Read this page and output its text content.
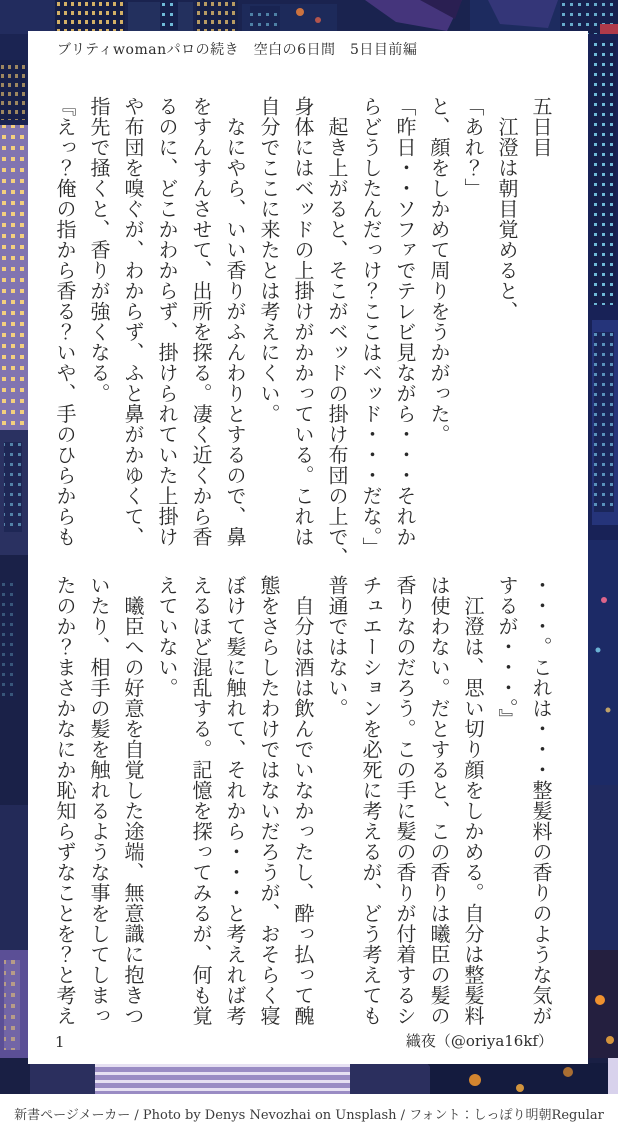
ブリティwomanパロの続き　空白の6日間　5日目前編
五日目
　江澄は朝目覚めると、
「あれ？」
と、顔をしかめて周りをうかがった。
「昨日・・ソファでテレビ見ながら・・・それか
らどうしたんだっけ？ここはベッド・・・だな。」
　起き上がると、そこがベッドの掛け布団の上で、
身体にはベッドの上掛けがかかっている。これは
自分でここに来たとは考えにくい。
　なにやら、いい香りがふんわりとするので、鼻
をすんすんさせて、出所を探る。凄く近くから香
るのに、どこかわからず、掛けられていた上掛け
や布団を嗅ぐが、わからず、ふと鼻がかゆくて、
指先で掻くと、香りが強くなる。
『えっ？俺の指から香る？いや、手のひらからも
・・・。これは・・・整髪料の香りのような気が
するが・・・。』
　江澄は、思い切り顔をしかめる。自分は整髪料
は使わない。だとすると、この香りは曦臣の髪の
香りなのだろう。この手に髪の香りが付着するシ
チュエーションを必死に考えるが、どう考えても
普通ではない。
　自分は酒は飲んでいなかったし、酔っ払って醜
態をさらしたわけではないだろうが、おそらく寝
ぼけて髪に触れて、それから・・・と考えれば考
えるほど混乱する。記憶を探ってみるが、何も覚
えていない。
　曦臣への好意を自覚した途端、無意識に抱きつ
いたり、相手の髪を触れるような事をしてしまっ
たのか？まさかなにか恥知らずなことを？と考え
1	織夜（@oriya16kf）
新書ページメーカー / Photo by Denys Nevozhai on Unsplash / フォント：しっぽり明朝Regular
